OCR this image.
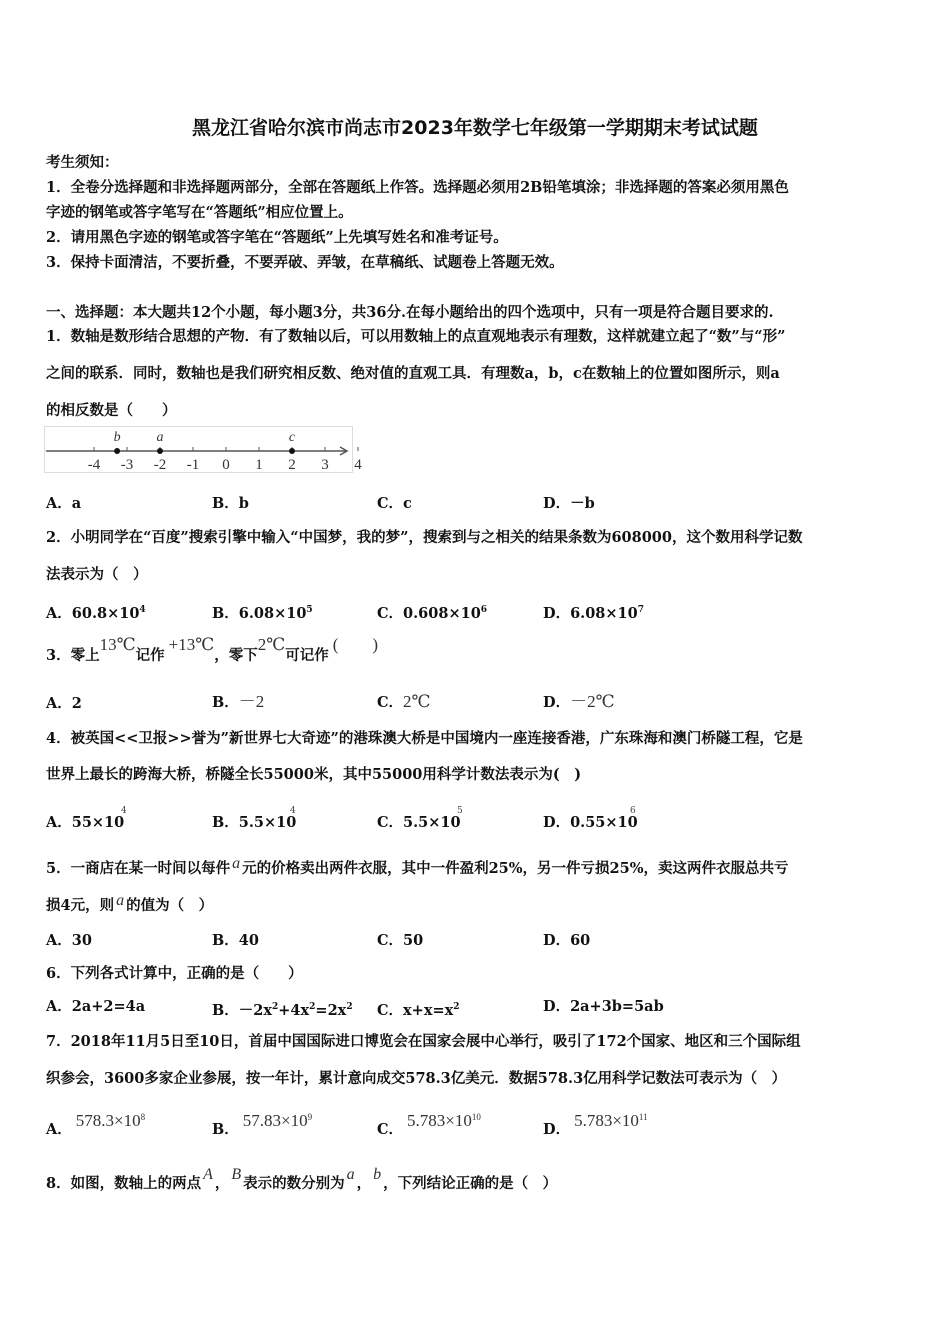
黑龙江省哈尔滨市尚志市2023年数学七年级第一学期期末考试试题
考生须知：
1．全卷分选择题和非选择题两部分，全部在答题纸上作答。选择题必须用2B铅笔填涂；非选择题的答案必须用黑色
字迹的钢笔或答字笔写在“答题纸”相应位置上。
2．请用黑色字迹的钢笔或答字笔在“答题纸”上先填写姓名和准考证号。
3．保持卡面清洁，不要折叠，不要弄破、弄皱，在草稿纸、试题卷上答题无效。
一、选择题：本大题共12个小题，每小题3分，共36分.在每小题给出的四个选项中，只有一项是符合题目要求的.
1．数轴是数形结合思想的产物．有了数轴以后，可以用数轴上的点直观地表示有理数，这样就建立起了“数”与“形”
之间的联系．同时，数轴也是我们研究相反数、绝对值的直观工具．有理数a，b，c在数轴上的位置如图所示，则a
的相反数是（　　）
-4 -3 -2 -1 0 1 2 3 4
b	a	c
A．a	B．b	C．c	D．－b
2．小明同学在“百度”搜索引擎中输入“中国梦，我的梦”，搜索到与之相关的结果条数为608000，这个数用科学记数
法表示为（　）
A．$60.8\times 10^4$	B．$6.08\times 10^5$	C．$0.608\times 10^6$	D．$6.08\times 10^7$
3．零上13℃记作+13℃，零下2℃可记作(　　)
A．2	B．－2	C．2℃	D．－2℃
4．被英国<<卫报>>誉为”新世界七大奇迹”的港珠澳大桥是中国境内一座连接香港，广东珠海和澳门桥隧工程，它是
世界上最长的跨海大桥，桥隧全长55000米，其中55000用科学计数法表示为(　)
A．55×10
4
B．5.5×10
4
C．5.5×10
5
D．0.55×10
6
5．一商店在某一时间以每件 a 元的价格卖出两件衣服，其中一件盈利25%，另一件亏损25%，卖这两件衣服总共亏
损4元，则 a 的值为（　）
A．30	B．40	C．50	D．60
6．下列各式计算中，正确的是（　　）
A．2a+2=4a	B．$-2x^2+4x^2=2x^2$ C．$x+x=x^2$	D．2a+3b=5ab
7．2018年11月5日至10日，首届中国国际进口博览会在国家会展中心举行，吸引了172个国家、地区和三个国际组
织参会，3600多家企业参展，按一年计，累计意向成交578.3亿美元．数据578.3亿用科学记数法可表示为（　）
A． $578.3\times 10^8$
B． $57.83\times 10^9$
C． $5.783\times 10^{10}$
D． $5.783\times 10^{11}$
8．如图，数轴上的两点A，B表示的数分别为a，b，下列结论正确的是（　）
